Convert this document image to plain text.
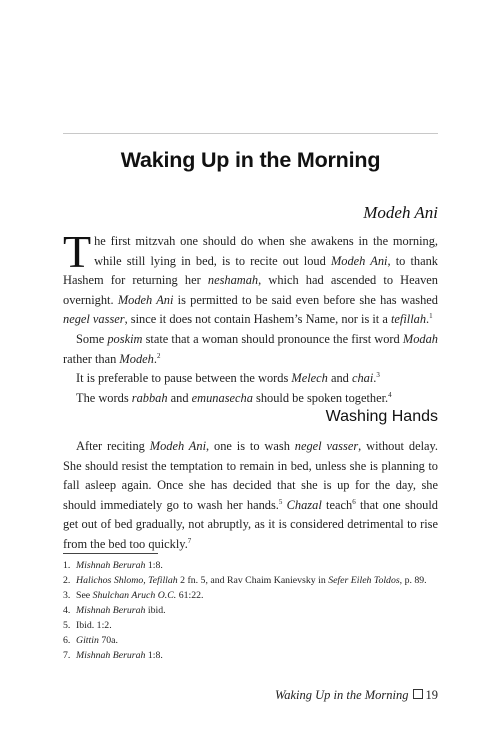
Waking Up in the Morning
Modeh Ani

The first mitzvah one should do when she awakens in the morning, while still lying in bed, is to recite out loud Modeh Ani, to thank Hashem for returning her neshamah, which had ascended to Heaven overnight. Modeh Ani is permitted to be said even before she has washed negel vasser, since it does not contain Hashem’s Name, nor is it a tefillah.$^1$

Some poskim state that a woman should pronounce the first word Modah rather than Modeh.$^2$

It is preferable to pause between the words Melech and chai.$^3$

The words rabbah and emunasecha should be spoken together.$^4$

Washing Hands

After reciting Modeh Ani, one is to wash negel vasser, without delay. She should resist the temptation to remain in bed, unless she is planning to fall asleep again. Once she has decided that she is up for the day, she should immediately go to wash her hands.$^5$ Chazal teach$^6$ that one should get out of bed gradually, not abruptly, as it is considered detrimental to rise from the bed too quickly.$^7$

1. Mishnah Berurah 1:8.
2. Halichos Shlomo, Tefillah 2 fn. 5, and Rav Chaim Kanievsky in Sefer Eileh Toldos, p. 89.
3. See Shulchan Aruch O.C. 61:22.
4. Mishnah Berurah ibid.
5. Ibid. 1:2.
6. Gittin 70a.
7. Mishnah Berurah 1:8.
Waking Up in the Morning 19
